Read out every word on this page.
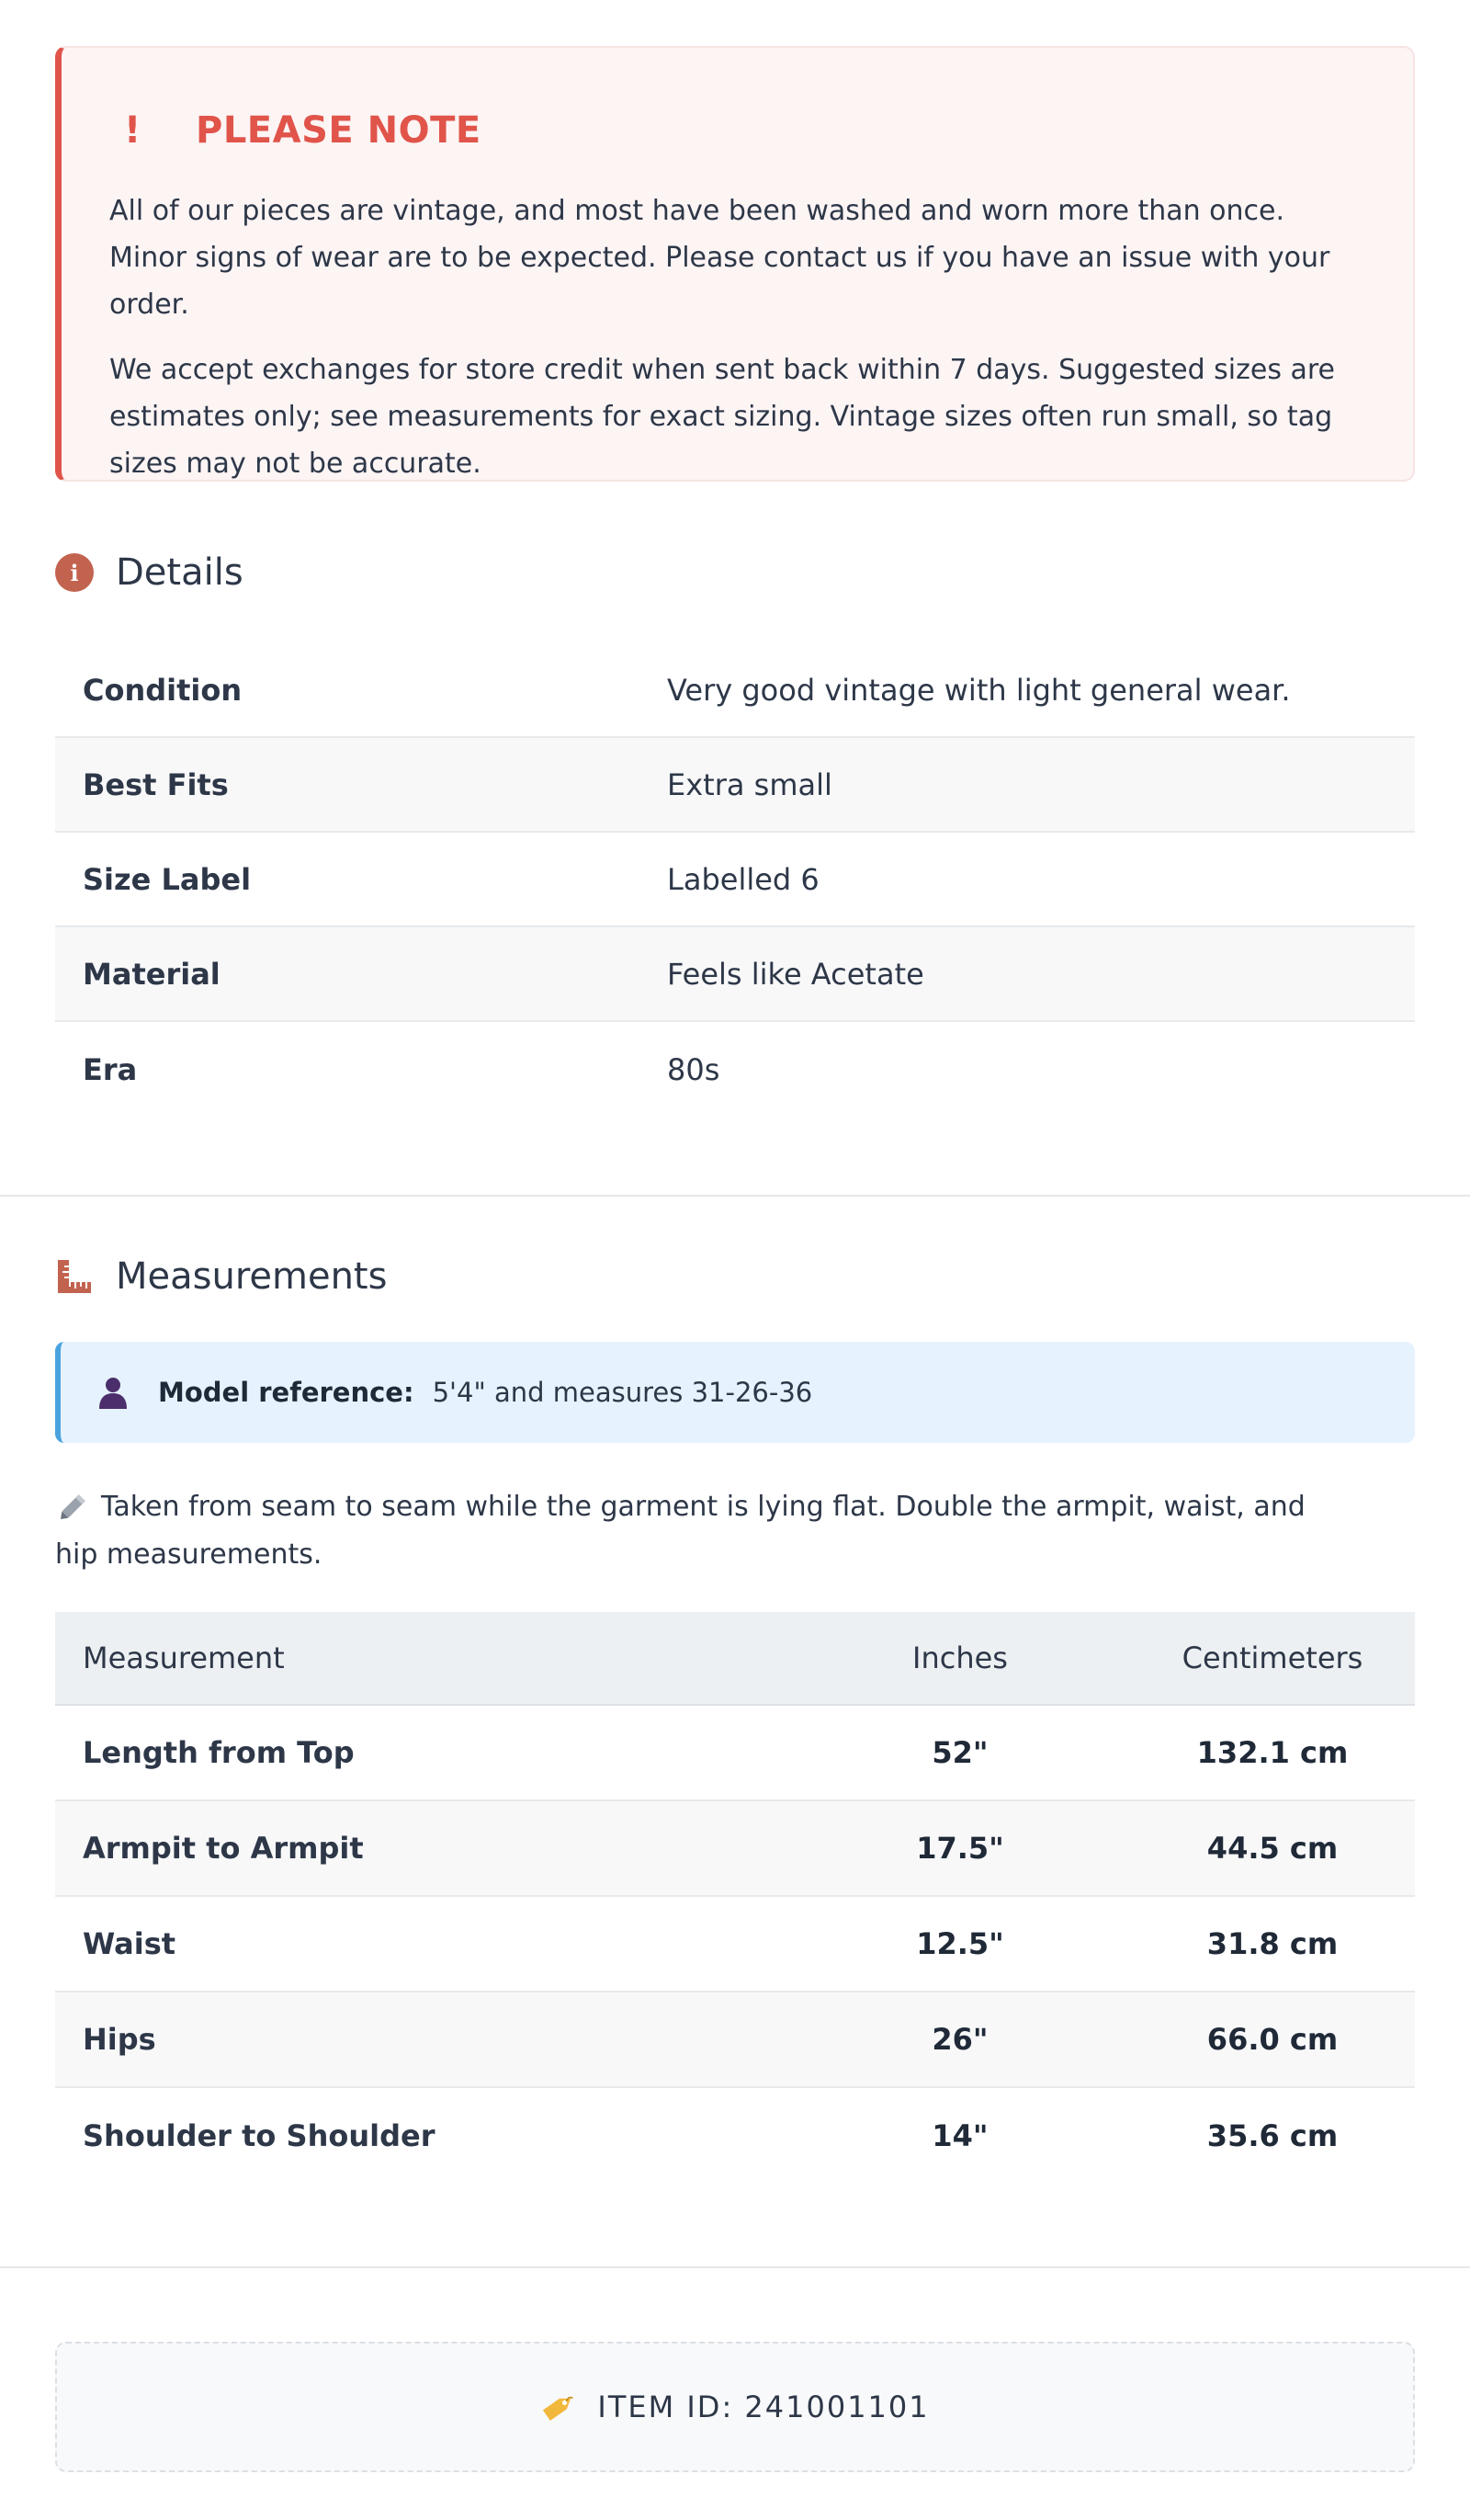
!	PLEASE NOTE

All of our pieces are vintage, and most have been washed and worn more than once. Minor signs of wear are to be expected. Please contact us if you have an issue with your order.

We accept exchanges for store credit when sent back within 7 days. Suggested sizes are estimates only; see measurements for exact sizing. Vintage sizes often run small, so tag sizes may not be accurate.

i	Details
Condition	Very good vintage with light general wear.
Best Fits	Extra small
Size Label	Labelled 6
Material	Feels like Acetate
Era	80s
Measurements
Model reference: 5'4" and measures 31-26-36
Taken from seam to seam while the garment is lying flat. Double the armpit, waist, and hip measurements.
Measurement	Inches	Centimeters
Length from Top	52"	132.1 cm
Armpit to Armpit	17.5"	44.5 cm
Waist	12.5"	31.8 cm
Hips	26"	66.0 cm
Shoulder to Shoulder	14"	35.6 cm
ITEM ID: 241001101
